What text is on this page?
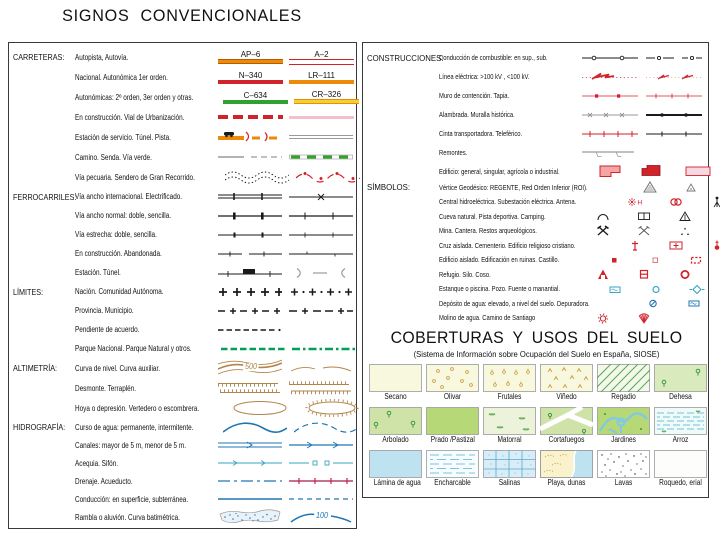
SIGNOS CONVENCIONALES
CARRETERAS: Autopista, Autovía.	AP–6	A–2
Nacional. Autonómica 1er orden.	N–340	LR–111
Autonómicas: 2º orden, 3er orden y otras.	C–634	CR–326
En construcción. Vial de Urbanización.
Estación de servicio. Túnel. Pista.
Camino. Senda. Vía verde.
Vía pecuaria. Sendero de Gran Recorrido.
FERROCARRILES:
Vía ancho internacional. Electrificado.
Vía ancho normal: doble, sencilla.
Vía estrecha: doble, sencilla.
En construcción. Abandonada.
Estación. Túnel.
LÍMITES:	Nación. Comunidad Autónoma.
Provincia. Municipio.
Pendiente de acuerdo.
Parque Nacional. Parque Natural y otros.
ALTIMETRÍA:	Curva de nivel. Curva auxiliar.	500
Desmonte. Terraplén.
Hoya o depresión. Vertedero o escombrera.
HIDROGRAFÍA: Curso de agua: permanente, intermitente.
Canales: mayor de 5 m, menor de 5 m.
Acequia. Sifón.
Drenaje. Acueducto.
Conducción: en superficie, subterránea.
Rambla o aluvión. Curva batimétrica.	100
CONSTRUCCIONES:
Conducción de combustible: en sup., sub.
Línea eléctrica: >100 kV , <100 kV.
Muro de contención. Tapia.
Alambrada. Muralla histórica.
Cinta transportadora. Teleférico.
Remontes.
Edificio: general, singular, agrícola o industrial.
SÍMBOLOS:	Vértice Geodésico: REGENTE, Red Orden Inferior (ROI).
Central hidroeléctrica. Subestación eléctrica. Antena.	H
Cueva natural. Pista deportiva. Camping.
Mina. Cantera. Restos arqueológicos.
Cruz aislada. Cementerio. Edificio religioso cristiano.
Edificio aislado. Edificación en ruinas. Castillo.
Refugio. Silo. Coso.
Estanque o piscina. Pozo. Fuente o manantial.
Depósito de agua: elevado, a nivel del suelo. Depuradora.
Molino de agua. Camino de Santiago
COBERTURAS Y USOS DEL SUELO
(Sistema de Información sobre Ocupación del Suelo en España, SIOSE)
Secano	Olivar	Frutales	Viñedo	Regadio	Dehesa
Arbolado	Prado /Pastizal	Matorral	Cortafuegos	Jardines	Arroz
Lámina de agua	Encharcable	Salinas	Playa, dunas	Lavas	Roquedo, erial
